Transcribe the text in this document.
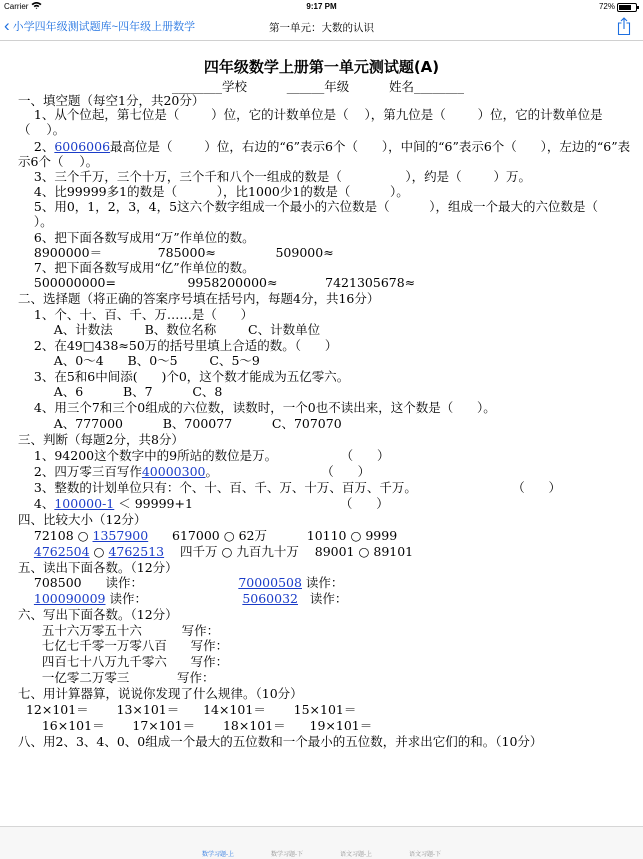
Carrier	9:17 PM	72%
‹ 小学四年级测试题库~四年级上册数学	第一单元：大数的认识
四年级数学上册第一单元测试题(A)
________学校          ______年级          姓名________
一、填空题（每空1分，共20分）
1、从个位起，第七位是（        ）位，它的计数单位是（    ），第九位是（        ）位，它的计数单位是
（    ）。
2、6006006最高位是（        ）位，右边的“6”表示6个（      ），中间的“6”表示6个（      ），左边的“6”表
示6个（    ）。
3、三个千万，三个十万，三个千和八个一组成的数是（                ），约是（        ）万。
4、比99999多1的数是（          ），比1000少1的数是（          ）。
5、用0，1，2，3，4，5这六个数字组成一个最小的六位数是（          ），组成一个最大的六位数是（
）。
6、把下面各数写成用“万”作单位的数。
8900000＝              785000≈               509000≈
7、把下面各数写成用“亿”作单位的数。
500000000=                  9958200000≈            7421305678≈
二、选择题（将正确的答案序号填在括号内，每题4分，共16分）
1、个、十、百、千、万……是（      ）
A、计数法        B、数位名称        C、计数单位
2、在49□438≈50万的括号里填上合适的数。（      ）
A、0～4      B、0～5        C、5～9
3、在5和6中间添(      )个0，这个数才能成为五亿零六。
A、6          B、7          C、8
4、用三个7和三个0组成的六位数，读数时，一个0也不读出来，这个数是（      ）。
A、777000          B、700077          C、707070
三、判断（每题2分，共8分）
1、94200这个数字中的9所站的数位是万。                （      ）
2、四万零三百写作40000300。                          （      ）
3、整数的计划单位只有：个、十、百、千、万、十万、百万、千万。                        （      ）
4、100000-1 ＜ 99999+1                                     （      ）
四、比较大小（12分）
72108 ○ 1357900      617000 ○ 62万          10110 ○ 9999
4762504 ○ 4762513    四千万 ○ 九百九十万    89001 ○ 89101
五、读出下面各数。（12分）
708500      读作：                        70000508 读作：
100090009 读作：                        5060032   读作：
六、写出下面各数。（12分）
五十六万零五十六          写作：
七亿七千零一万零八百      写作：
四百七十八万九千零六      写作：
一亿零二万零三            写作：
七、用计算器算，说说你发现了什么规律。（10分）
12×101＝       13×101＝      14×101＝       15×101＝
16×101＝       17×101＝       18×101＝      19×101＝
八、用2、3、4、0、0组成一个最大的五位数和一个最小的五位数，并求出它们的和。（10分）
数学习题-上	数学习题-下	语文习题-上	语文习题-下
